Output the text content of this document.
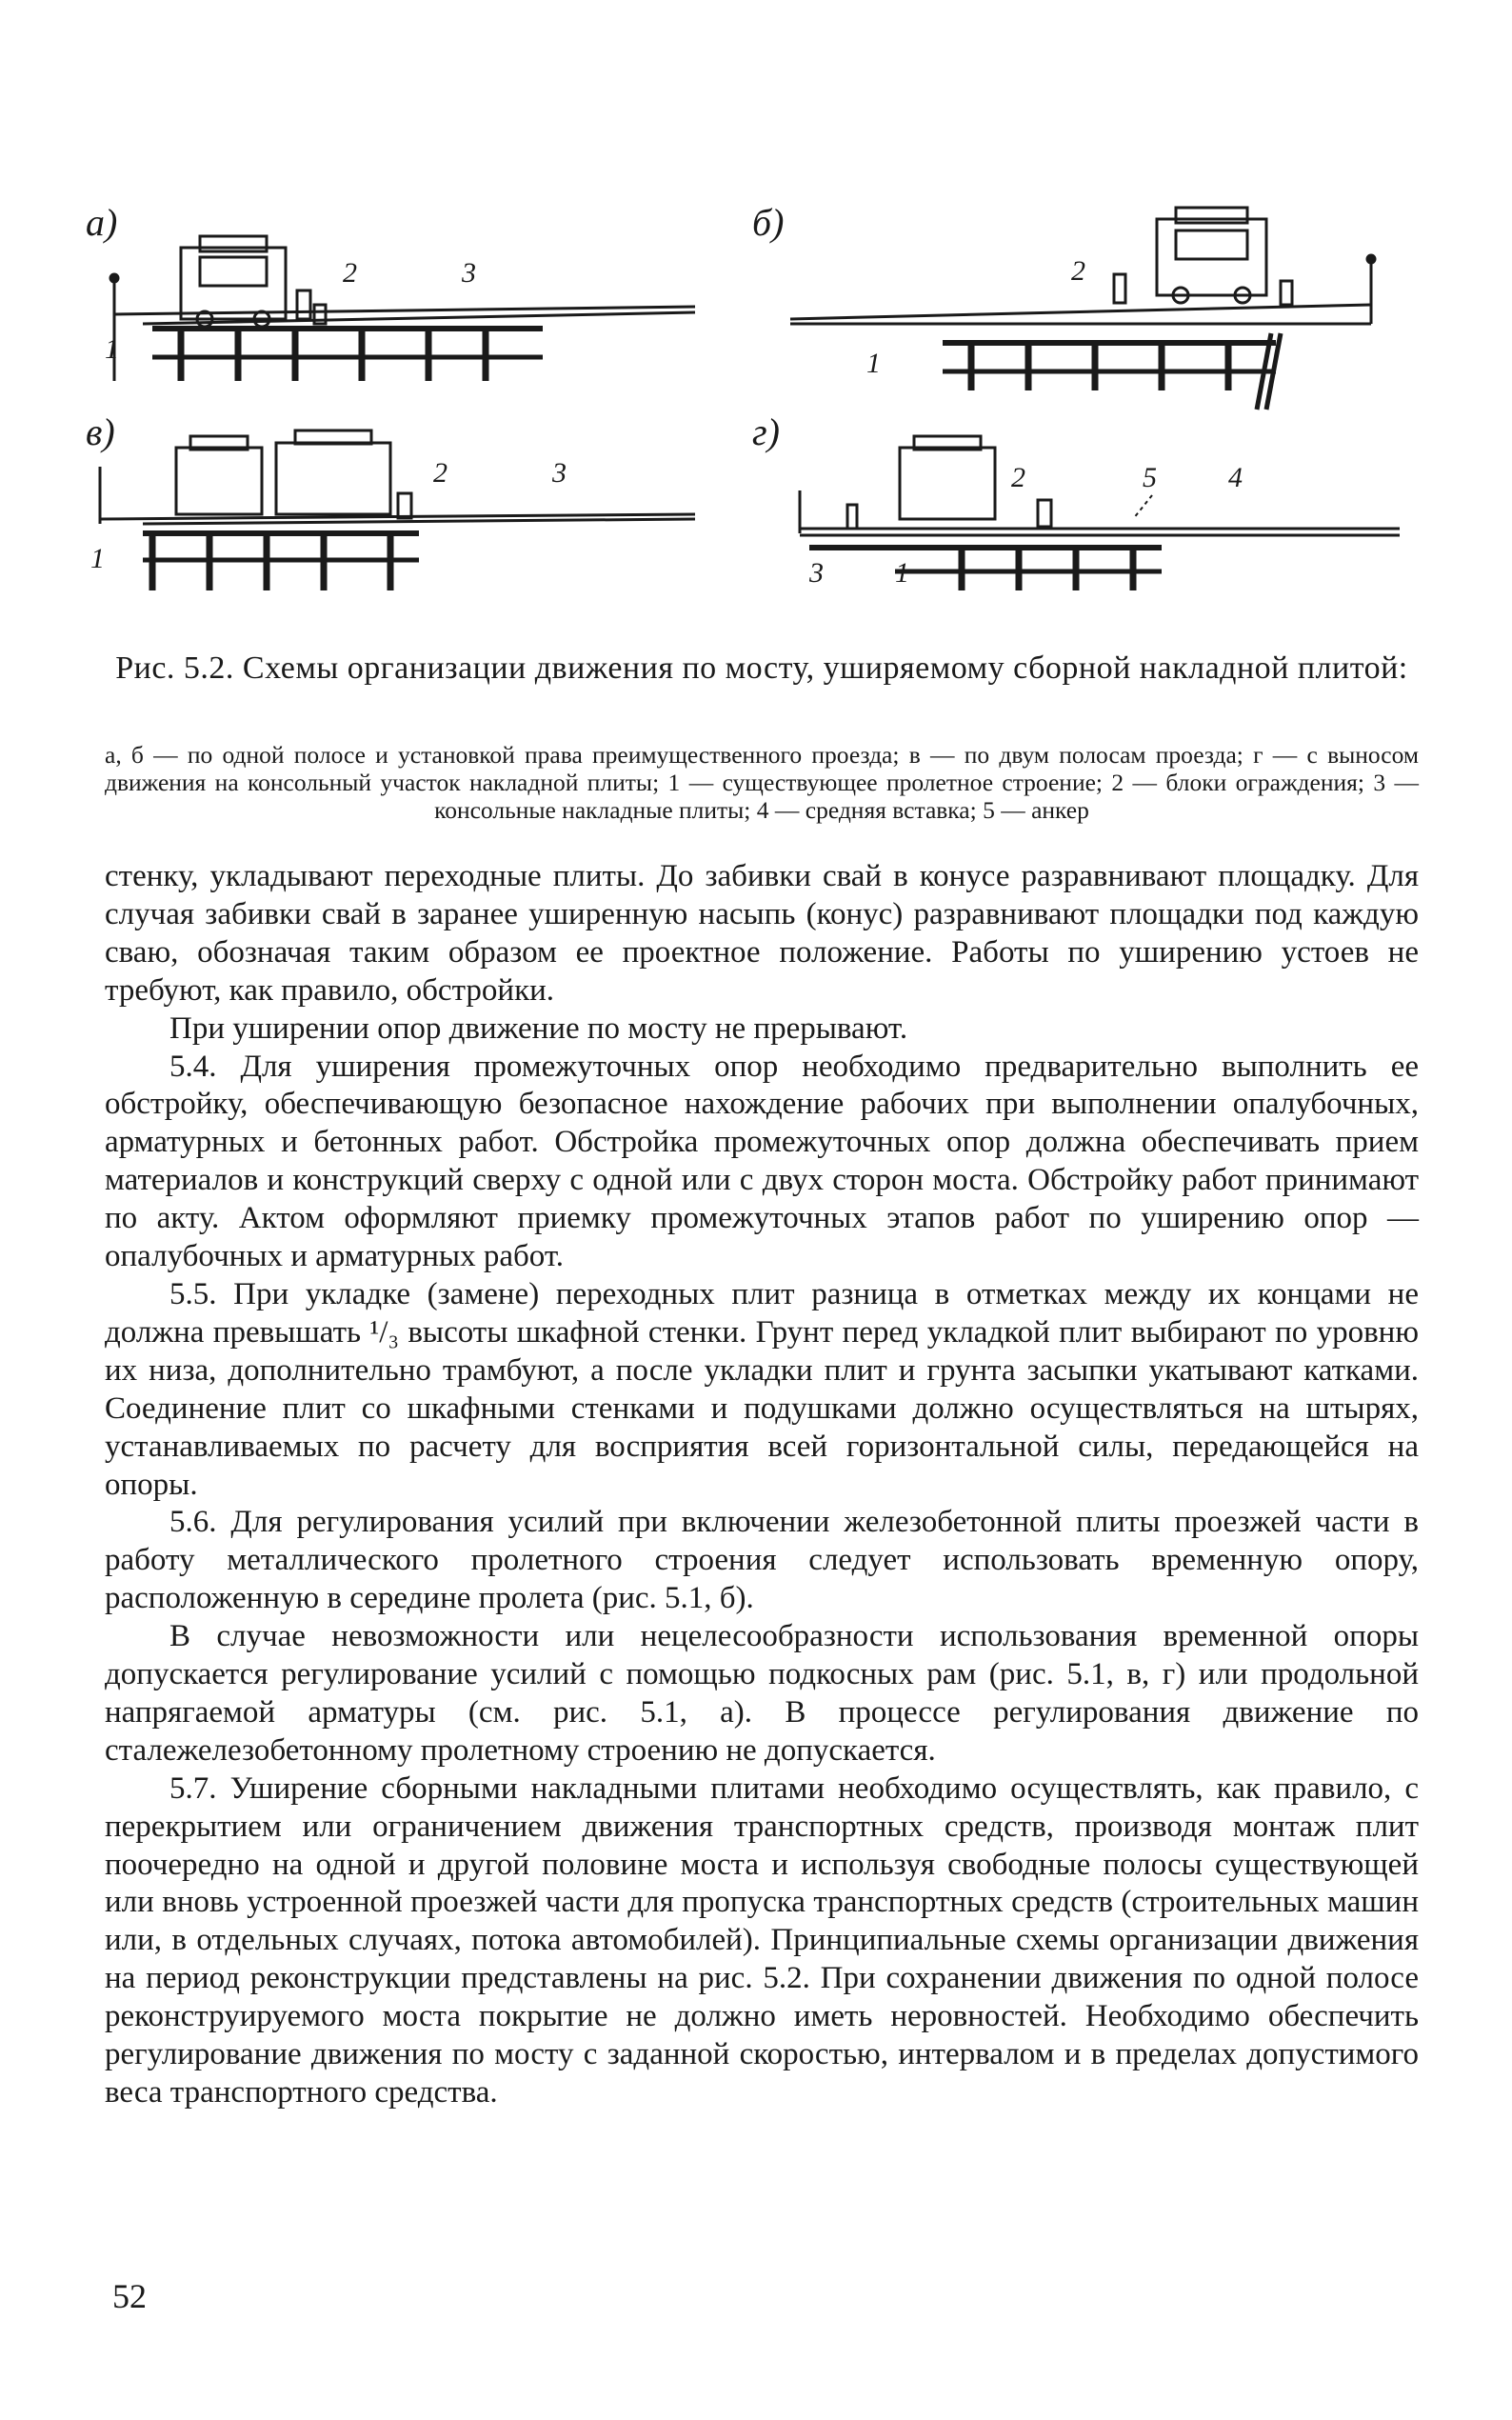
а)	б)
в)	г)
1
2	3
1
2
1
2	3
3	1
2	5	4
Рис. 5.2. Схемы организации движения по мосту, уширяемому сборной накладной плитой:
а, б — по одной полосе и установкой права преимущественного проезда; в — по двум полосам проезда; г — с выносом движения на консольный участок накладной плиты; 1 — существующее пролетное строение; 2 — блоки ограждения; 3 — консольные накладные плиты; 4 — средняя вставка; 5 — анкер

стенку, укладывают переходные плиты. До забивки свай в конусе разравнивают площадку. Для случая забивки свай в заранее уширенную насыпь (конус) разравнивают площадки под каждую сваю, обозначая таким образом ее проектное положение. Работы по уширению устоев не требуют, как правило, обстройки.

При уширении опор движение по мосту не прерывают.

5.4. Для уширения промежуточных опор необходимо предварительно выполнить ее обстройку, обеспечивающую безопасное нахождение рабочих при выполнении опалубочных, арматурных и бетонных работ. Обстройка промежуточных опор должна обеспечивать прием материалов и конструкций сверху с одной или с двух сторон моста. Обстройку работ принимают по акту. Актом оформляют приемку промежуточных этапов работ по уширению опор — опалубочных и арматурных работ.

5.5. При укладке (замене) переходных плит разница в отметках между их концами не должна превышать ¹/₃ высоты шкафной стенки. Грунт перед укладкой плит выбирают по уровню их низа, дополнительно трамбуют, а после укладки плит и грунта засыпки укатывают катками. Соединение плит со шкафными стенками и подушками должно осуществляться на штырях, устанавливаемых по расчету для восприятия всей горизонтальной силы, передающейся на опоры.

5.6. Для регулирования усилий при включении железобетонной плиты проезжей части в работу металлического пролетного строения следует использовать временную опору, расположенную в середине пролета (рис. 5.1, б).

В случае невозможности или нецелесообразности использования временной опоры допускается регулирование усилий с помощью подкосных рам (рис. 5.1, в, г) или продольной напрягаемой арматуры (см. рис. 5.1, а). В процессе регулирования движение по сталежелезобетонному пролетному строению не допускается.

5.7. Уширение сборными накладными плитами необходимо осуществлять, как правило, с перекрытием или ограничением движения транспортных средств, производя монтаж плит поочередно на одной и другой половине моста и используя свободные полосы существующей или вновь устроенной проезжей части для пропуска транспортных средств (строительных машин или, в отдельных случаях, потока автомобилей). Принципиальные схемы организации движения на период реконструкции представлены на рис. 5.2. При сохранении движения по одной полосе реконструируемого моста покрытие не должно иметь неровностей. Необходимо обеспечить регулирование движения по мосту с заданной скоростью, интервалом и в пределах допустимого веса транспортного средства.

52
